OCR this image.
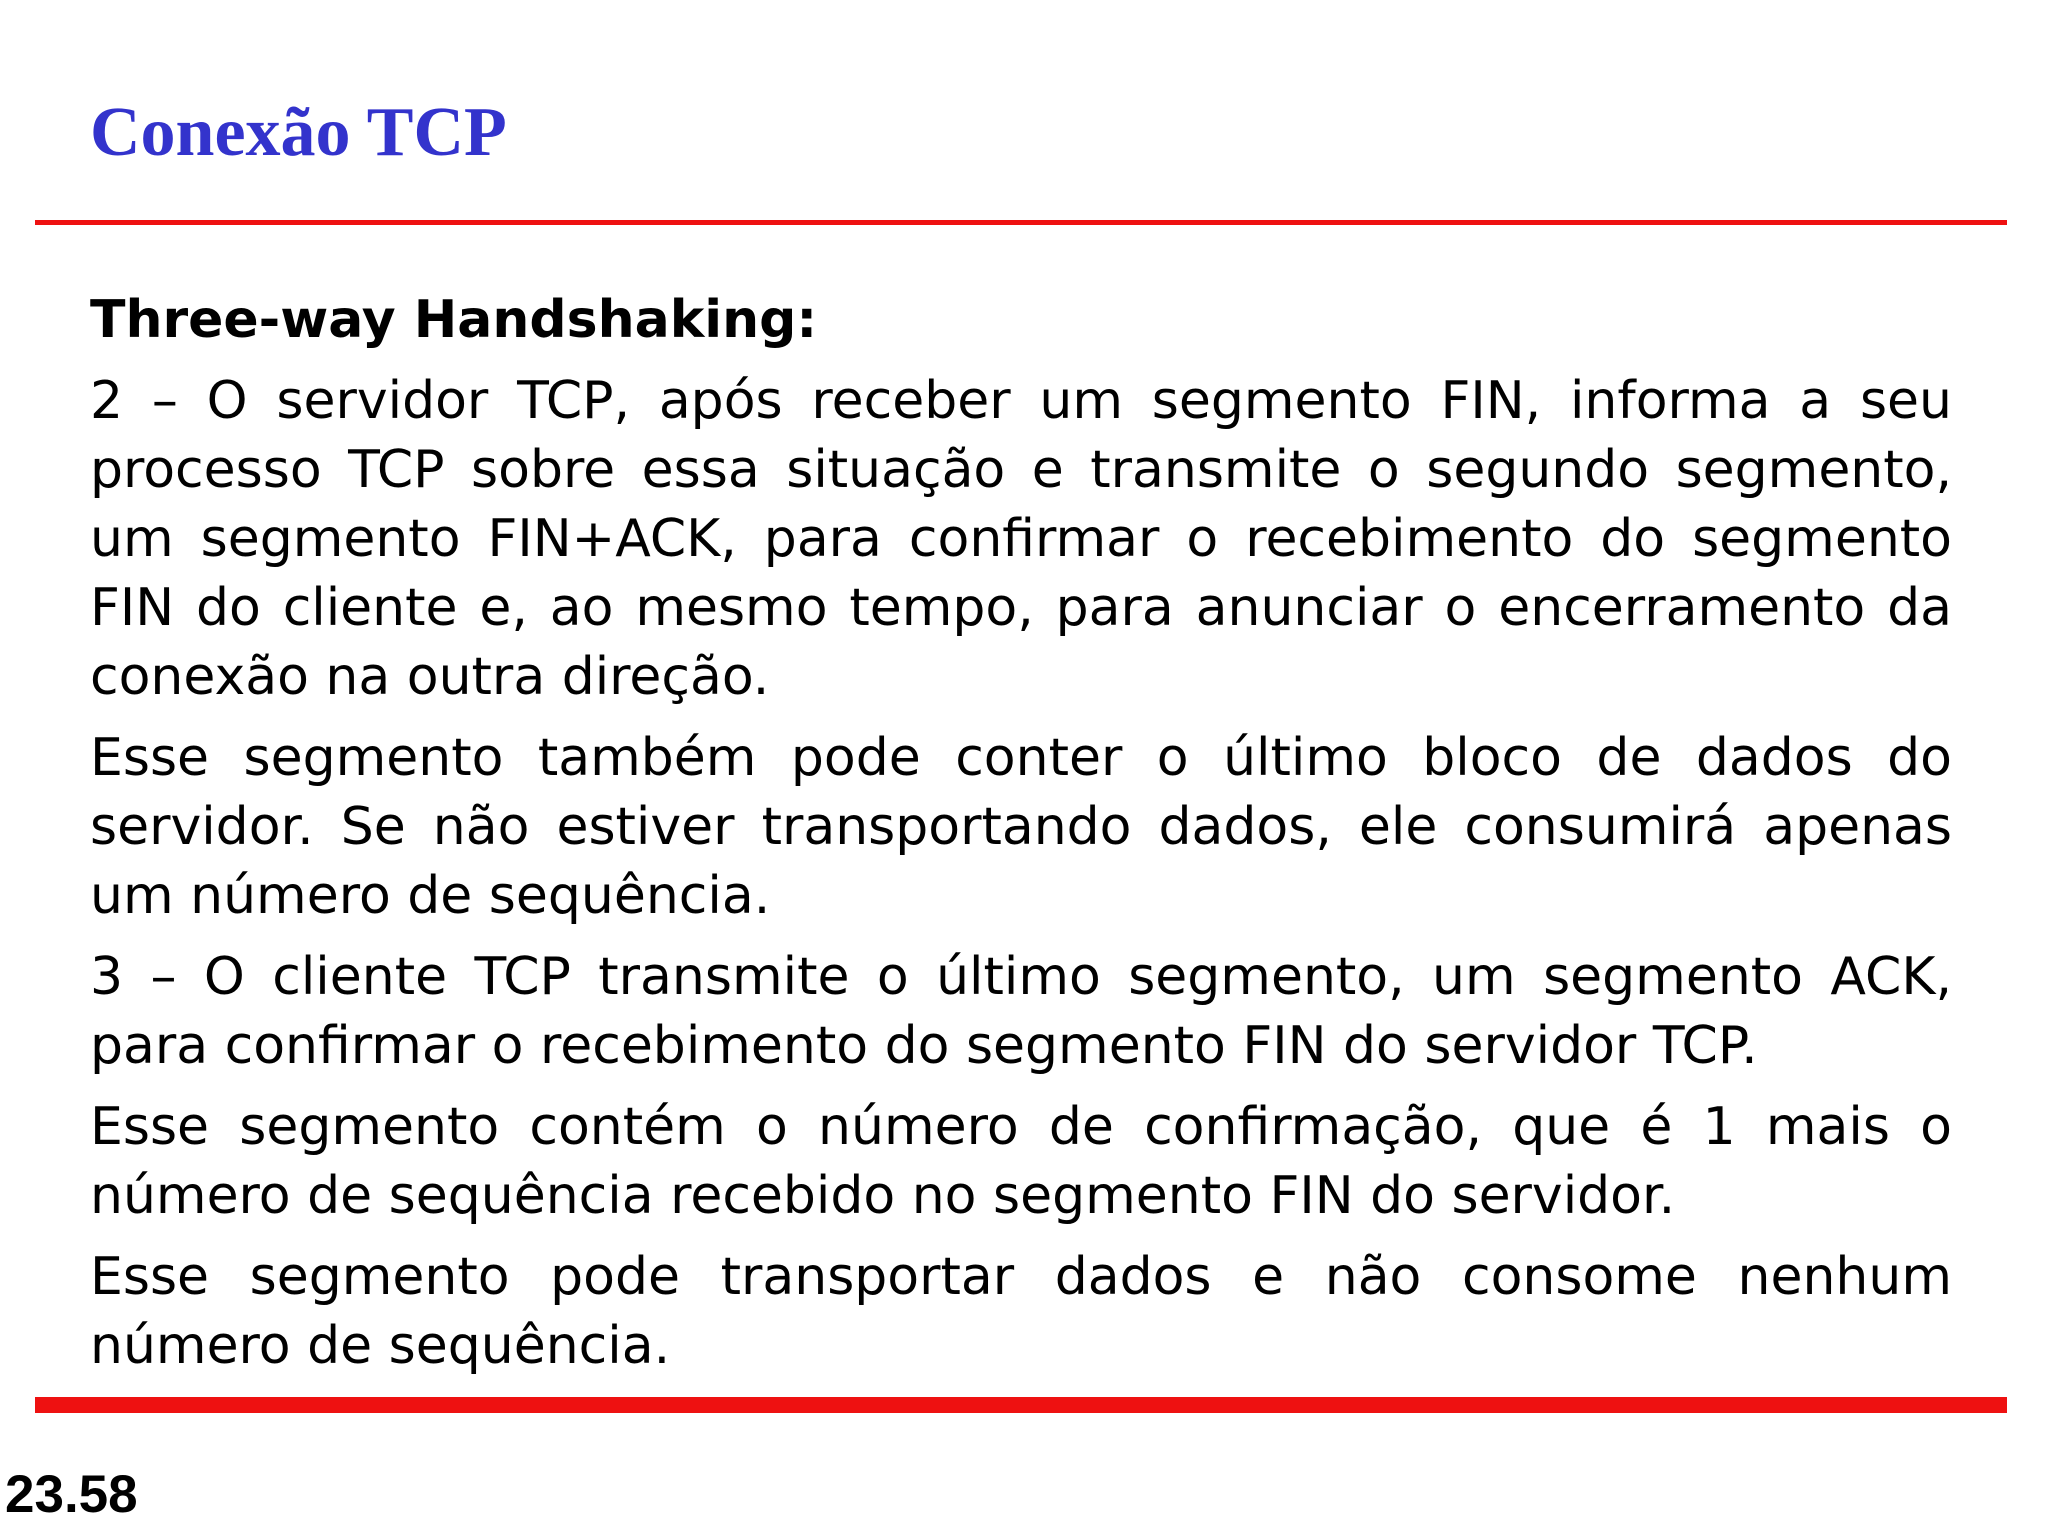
Conexão TCP
Three-way Handshaking:

2 – O servidor TCP, após receber um segmento FIN, informa a seu processo TCP sobre essa situação e transmite o segundo segmento, um segmento FIN+ACK, para confirmar o recebimento do segmento FIN do cliente e, ao mesmo tempo, para anunciar o encerramento da conexão na outra direção.

Esse segmento também pode conter o último bloco de dados do servidor. Se não estiver transportando dados, ele consumirá apenas um número de sequência.

3 – O cliente TCP transmite o último segmento, um segmento ACK, para confirmar o recebimento do segmento FIN do servidor TCP.

Esse segmento contém o número de confirmação, que é 1 mais o número de sequência recebido no segmento FIN do servidor.

Esse segmento pode transportar dados e não consome nenhum número de sequência.

23.58
